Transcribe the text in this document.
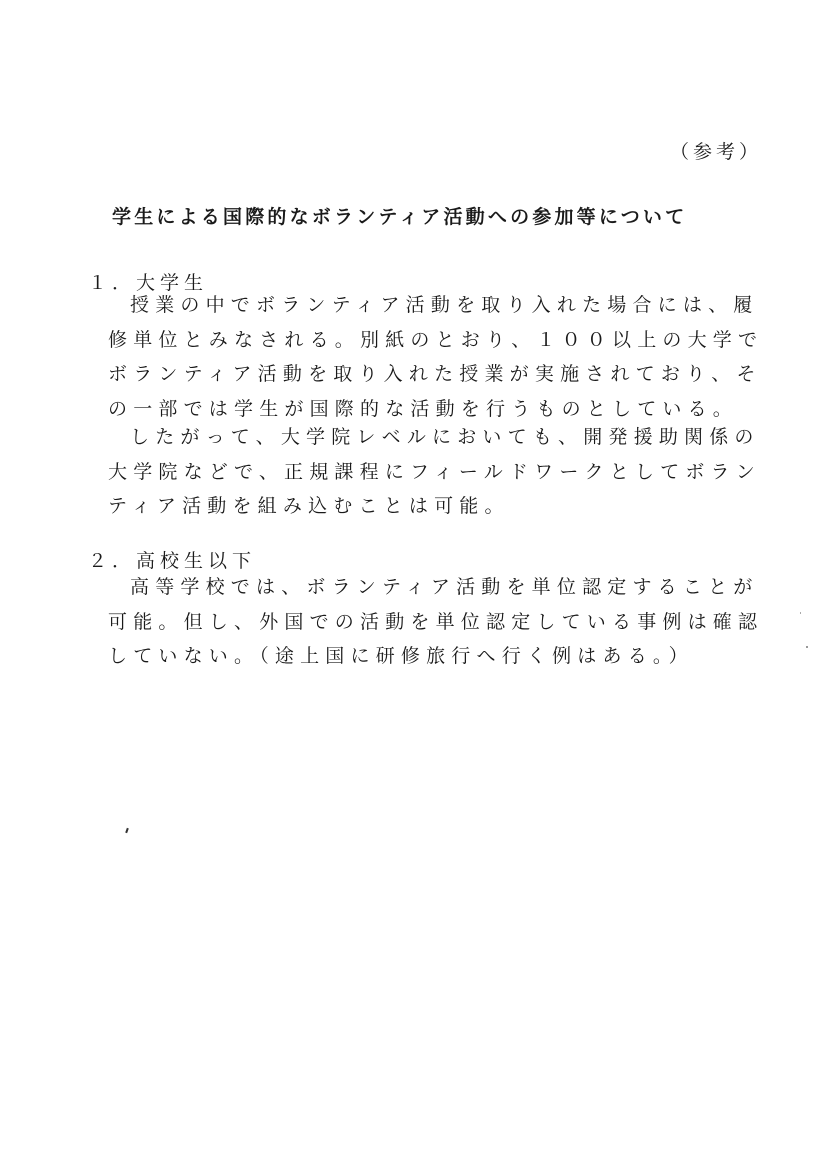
（参考）
学生による国際的なボランティア活動への参加等について
１．大学生

授業の中でボランティア活動を取り入れた場合には、履修単位とみなされる。別紙のとおり、１００以上の大学でボランティア活動を取り入れた授業が実施されており、その一部では学生が国際的な活動を行うものとしている。

したがって、大学院レベルにおいても、開発援助関係の大学院などで、正規課程にフィールドワークとしてボランティア活動を組み込むことは可能。

２．高校生以下

高等学校では、ボランティア活動を単位認定することが可能。但し、外国での活動を単位認定している事例は確認していない。（途上国に研修旅行へ行く例はある。）
